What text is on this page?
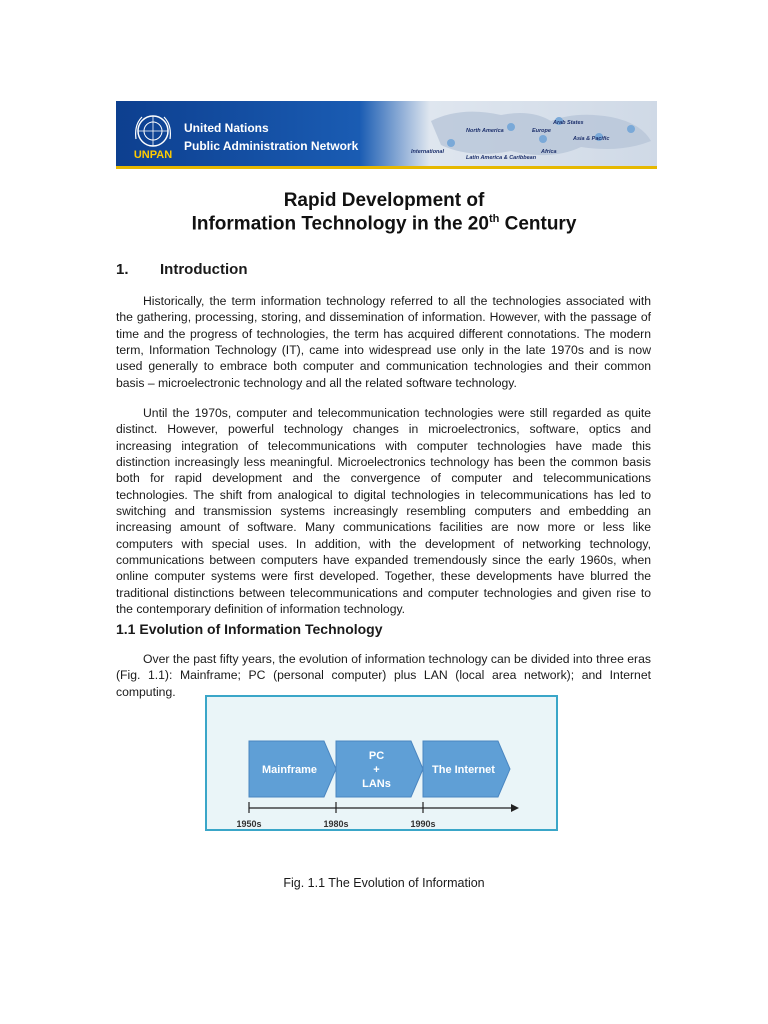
UNPAN
United Nations
Public Administration Network
Arab States
North America	Europe
Asia & Pacific
International	Africa
Latin America & Caribbean
Rapid Development of
Information Technology in the 20th Century
1. Introduction

Historically, the term information technology referred to all the technologies associated with the gathering, processing, storing, and dissemination of information. However, with the passage of time and the progress of technologies, the term has acquired different connotations. The modern term, Information Technology (IT), came into widespread use only in the late 1970s and is now used generally to embrace both computer and communication technologies and their common basis – microelectronic technology and all the related software technology.

Until the 1970s, computer and telecommunication technologies were still regarded as quite distinct. However, powerful technology changes in microelectronics, software, optics and increasing integration of telecommunications with computer technologies have made this distinction increasingly less meaningful. Microelectronics technology has been the common basis both for rapid development and the convergence of computer and telecommunications technologies. The shift from analogical to digital technologies in telecommunications has led to switching and transmission systems increasingly resembling computers and embedding an increasing amount of software. Many communications facilities are now more or less like computers with special uses. In addition, with the development of networking technology, communications between computers have expanded tremendously since the early 1960s, when online computer systems were first developed. Together, these developments have blurred the traditional distinctions between telecommunications and computer technologies and given rise to the contemporary definition of information technology.

1.1 Evolution of Information Technology

Over the past fifty years, the evolution of information technology can be divided into three eras (Fig. 1.1): Mainframe; PC (personal computer) plus LAN (local area network); and Internet computing.

Mainframe
PC
+
LANs
The Internet
1950s	1980s	1990s
Fig. 1.1 The Evolution of Information
